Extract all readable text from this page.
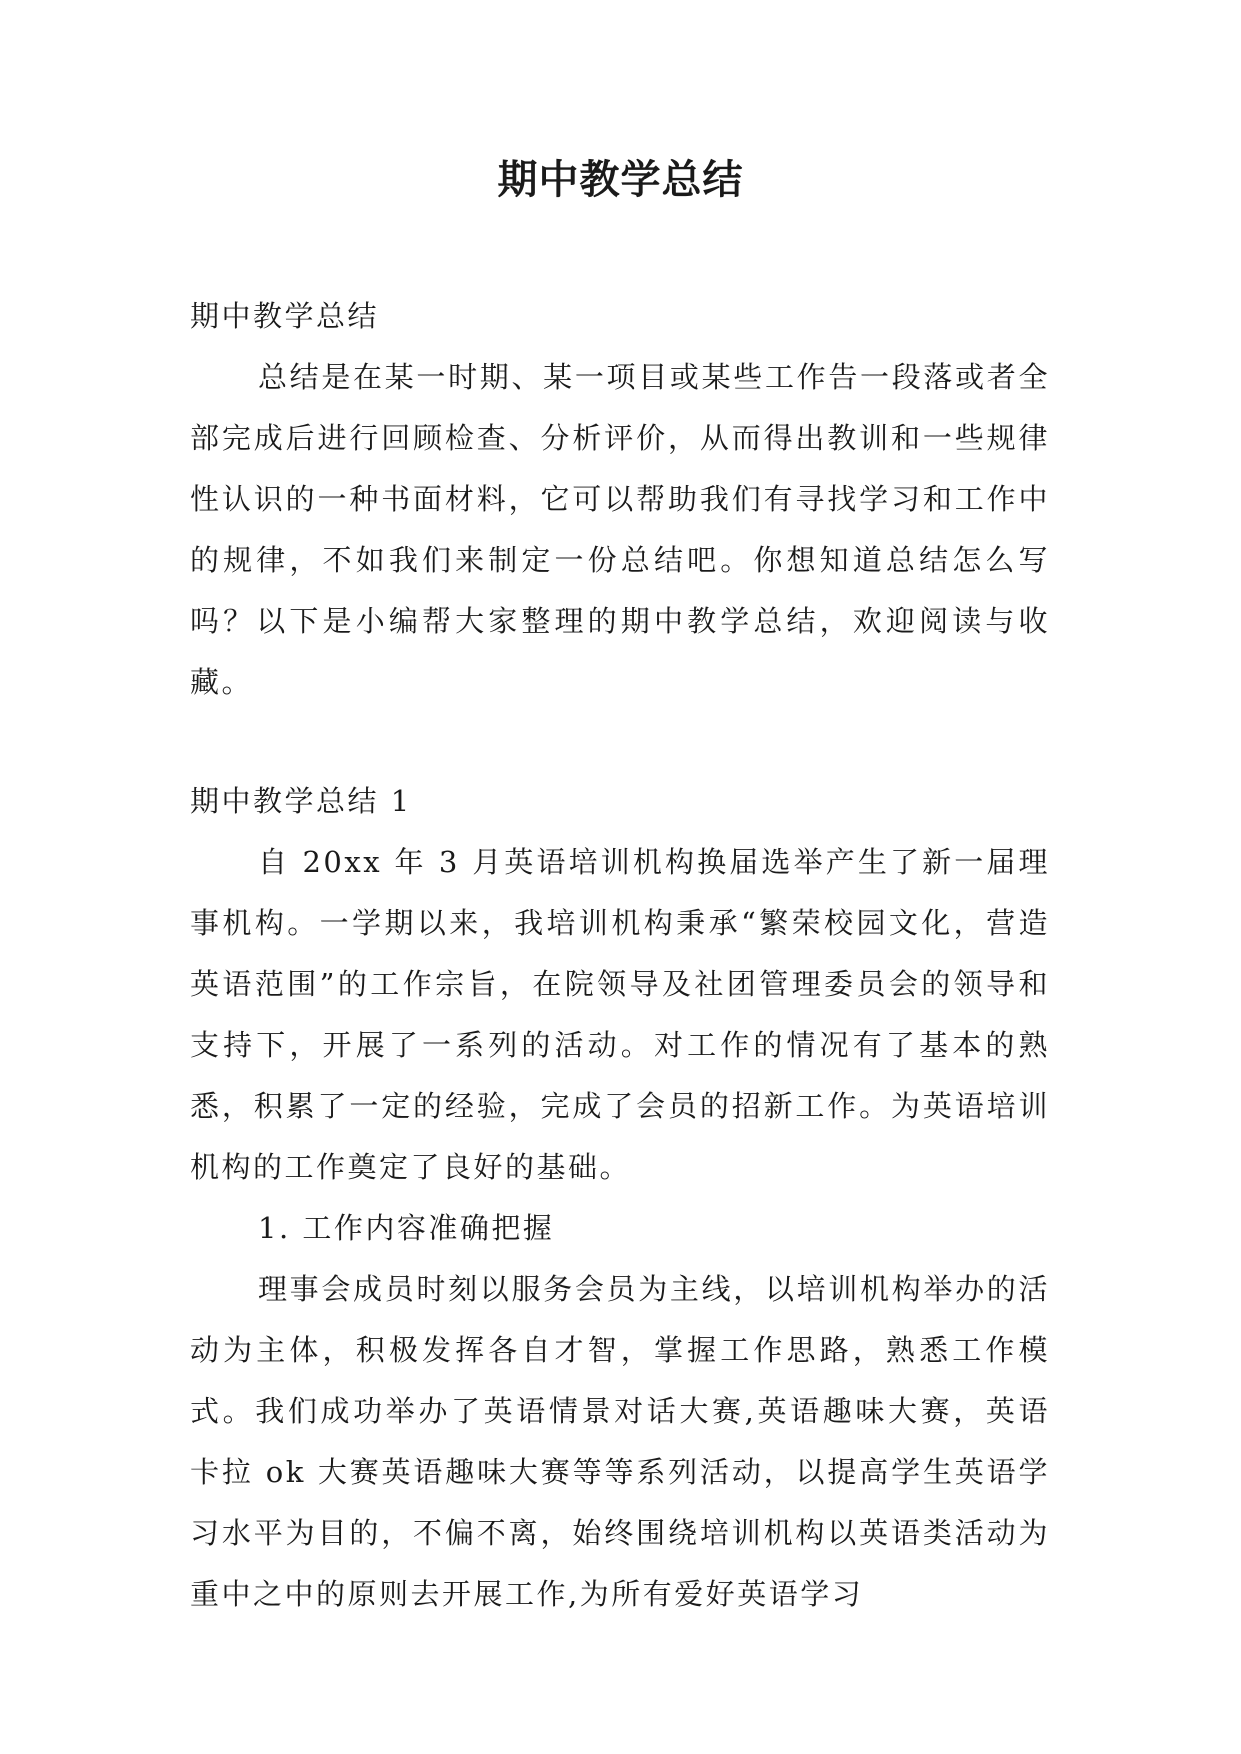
期中教学总结

期中教学总结

总结是在某一时期、某一项目或某些工作告一段落或者全部完成后进行回顾检查、分析评价，从而得出教训和一些规律性认识的一种书面材料，它可以帮助我们有寻找学习和工作中的规律，不如我们来制定一份总结吧。你想知道总结怎么写吗？以下是小编帮大家整理的期中教学总结，欢迎阅读与收藏。

期中教学总结 1

自 20xx 年 3 月英语培训机构换届选举产生了新一届理事机构。一学期以来，我培训机构秉承“繁荣校园文化，营造英语范围”的工作宗旨，在院领导及社团管理委员会的领导和支持下，开展了一系列的活动。对工作的情况有了基本的熟悉，积累了一定的经验，完成了会员的招新工作。为英语培训机构的工作奠定了良好的基础。

1. 工作内容准确把握

理事会成员时刻以服务会员为主线，以培训机构举办的活动为主体，积极发挥各自才智，掌握工作思路，熟悉工作模式。我们成功举办了英语情景对话大赛,英语趣味大赛，英语卡拉 ok 大赛英语趣味大赛等等系列活动，以提高学生英语学习水平为目的，不偏不离，始终围绕培训机构以英语类活动为重中之中的原则去开展工作,为所有爱好英语学习
